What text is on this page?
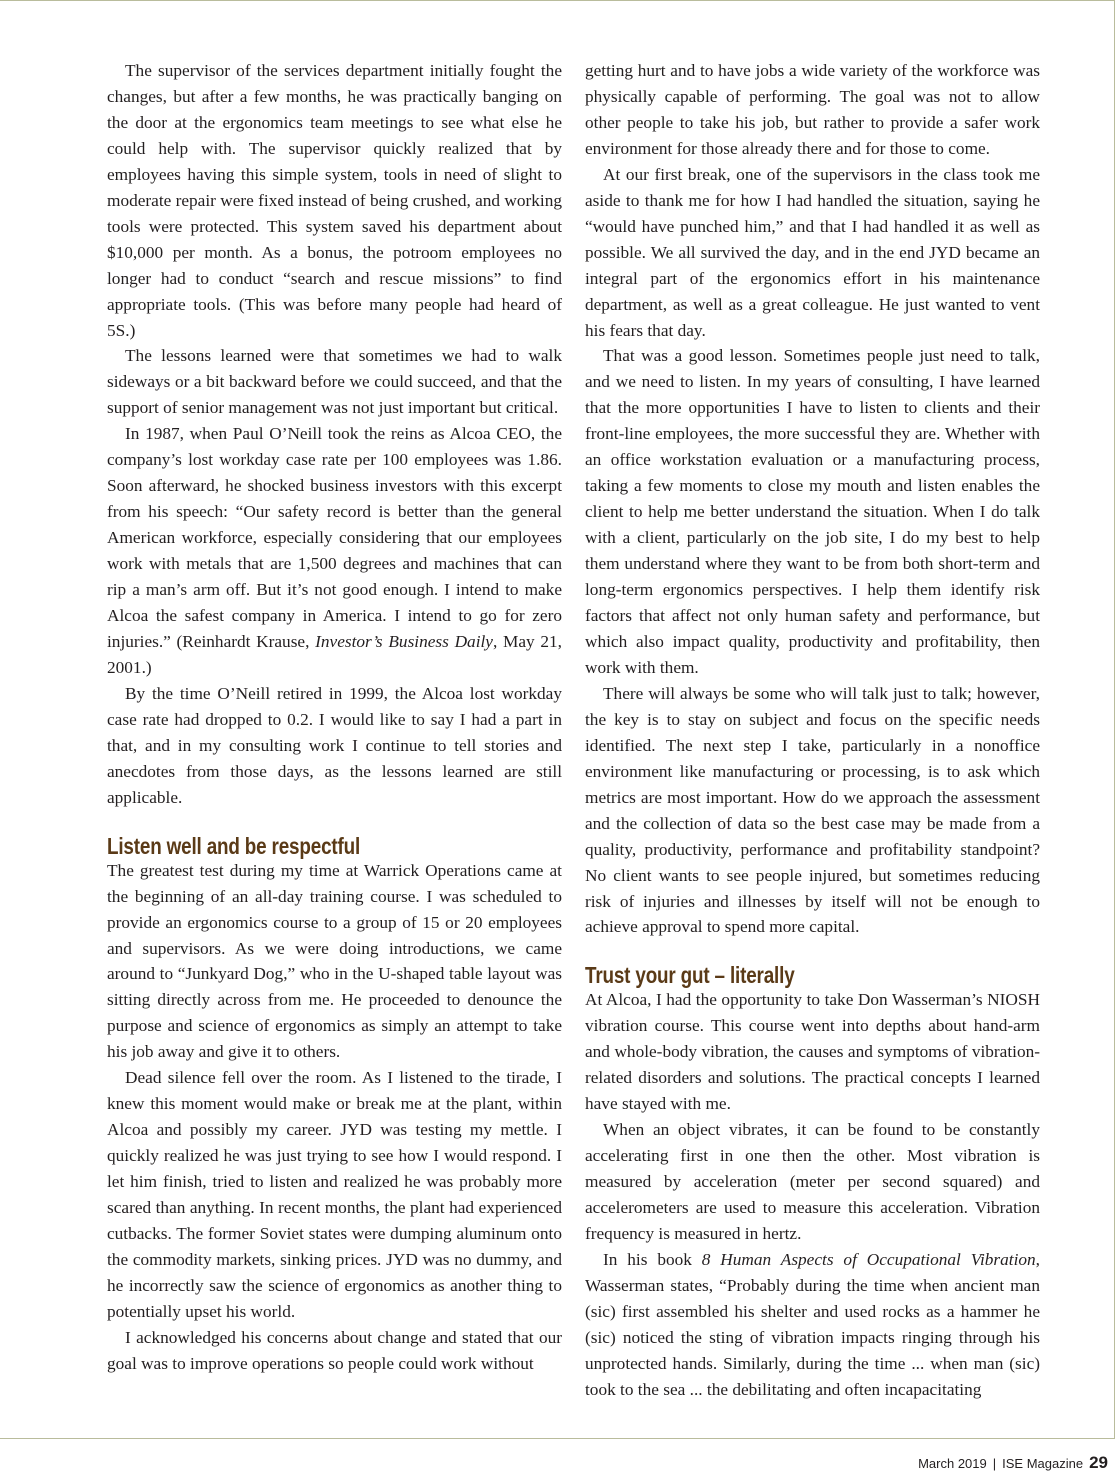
The supervisor of the services department initially fought the changes, but after a few months, he was practically banging on the door at the ergonomics team meetings to see what else he could help with. The supervisor quickly realized that by employees having this simple system, tools in need of slight to moderate repair were fixed instead of being crushed, and working tools were protected. This system saved his department about $10,000 per month. As a bonus, the potroom employees no longer had to conduct “search and rescue missions” to find appropriate tools. (This was before many people had heard of 5S.)

The lessons learned were that sometimes we had to walk sideways or a bit backward before we could succeed, and that the support of senior management was not just important but critical.

In 1987, when Paul O’Neill took the reins as Alcoa CEO, the company’s lost workday case rate per 100 employees was 1.86. Soon afterward, he shocked business investors with this excerpt from his speech: “Our safety record is better than the general American workforce, especially considering that our employees work with metals that are 1,500 degrees and machines that can rip a man’s arm off. But it’s not good enough. I intend to make Alcoa the safest company in America. I intend to go for zero injuries.” (Reinhardt Krause, Investor’s Business Daily, May 21, 2001.)

By the time O’Neill retired in 1999, the Alcoa lost workday case rate had dropped to 0.2. I would like to say I had a part in that, and in my consulting work I continue to tell stories and anecdotes from those days, as the lessons learned are still applicable.

Listen well and be respectful

The greatest test during my time at Warrick Operations came at the beginning of an all-day training course. I was scheduled to provide an ergonomics course to a group of 15 or 20 employees and supervisors. As we were doing introductions, we came around to “Junkyard Dog,” who in the U-shaped table layout was sitting directly across from me. He proceeded to denounce the purpose and science of ergonomics as simply an attempt to take his job away and give it to others.

Dead silence fell over the room. As I listened to the tirade, I knew this moment would make or break me at the plant, within Alcoa and possibly my career. JYD was testing my mettle. I quickly realized he was just trying to see how I would respond. I let him finish, tried to listen and realized he was probably more scared than anything. In recent months, the plant had experienced cutbacks. The former Soviet states were dumping aluminum onto the commodity markets, sinking prices. JYD was no dummy, and he incorrectly saw the science of ergonomics as another thing to potentially upset his world.

I acknowledged his concerns about change and stated that our goal was to improve operations so people could work without

getting hurt and to have jobs a wide variety of the workforce was physically capable of performing. The goal was not to allow other people to take his job, but rather to provide a safer work environment for those already there and for those to come.

At our first break, one of the supervisors in the class took me aside to thank me for how I had handled the situation, saying he “would have punched him,” and that I had handled it as well as possible. We all survived the day, and in the end JYD became an integral part of the ergonomics effort in his maintenance department, as well as a great colleague. He just wanted to vent his fears that day.

That was a good lesson. Sometimes people just need to talk, and we need to listen. In my years of consulting, I have learned that the more opportunities I have to listen to clients and their front-line employees, the more successful they are. Whether with an office workstation evaluation or a manufacturing process, taking a few moments to close my mouth and listen enables the client to help me better understand the situation. When I do talk with a client, particularly on the job site, I do my best to help them understand where they want to be from both short-term and long-term ergonomics perspectives. I help them identify risk factors that affect not only human safety and performance, but which also impact quality, productivity and profitability, then work with them.

There will always be some who will talk just to talk; however, the key is to stay on subject and focus on the specific needs identified. The next step I take, particularly in a nonoffice environment like manufacturing or processing, is to ask which metrics are most important. How do we approach the assessment and the collection of data so the best case may be made from a quality, productivity, performance and profitability standpoint? No client wants to see people injured, but sometimes reducing risk of injuries and illnesses by itself will not be enough to achieve approval to spend more capital.

Trust your gut – literally

At Alcoa, I had the opportunity to take Don Wasserman’s NIOSH vibration course. This course went into depths about hand-arm and whole-body vibration, the causes and symptoms of vibration-related disorders and solutions. The practical concepts I learned have stayed with me.

When an object vibrates, it can be found to be constantly accelerating first in one then the other. Most vibration is measured by acceleration (meter per second squared) and accelerometers are used to measure this acceleration. Vibration frequency is measured in hertz.

In his book 8 Human Aspects of Occupational Vibration, Wasserman states, “Probably during the time when ancient man (sic) first assembled his shelter and used rocks as a hammer he (sic) noticed the sting of vibration impacts ringing through his unprotected hands. Similarly, during the time ... when man (sic) took to the sea ... the debilitating and often incapacitating

March 2019 | ISE Magazine 29
